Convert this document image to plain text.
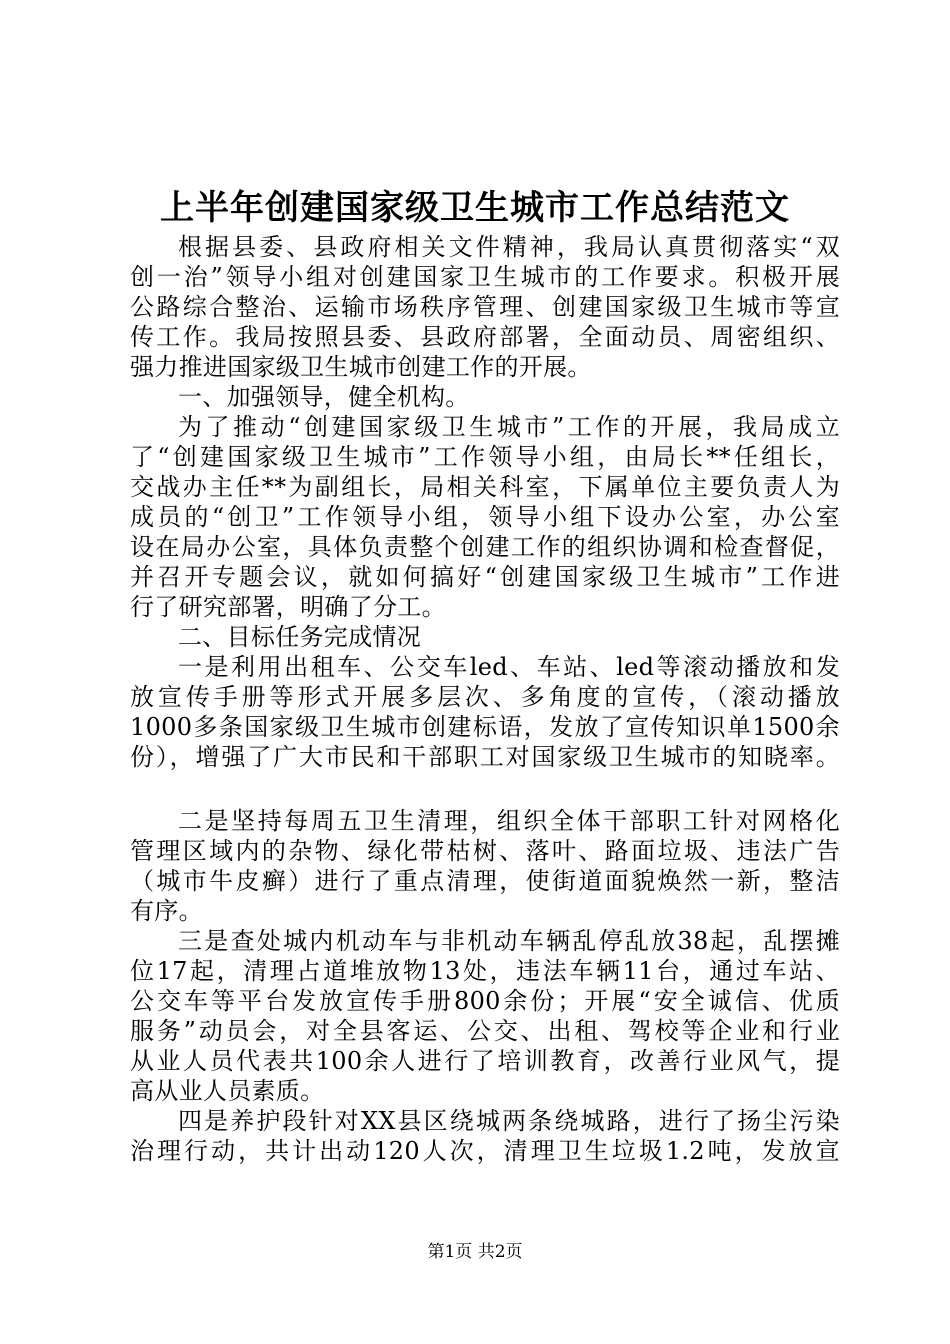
上半年创建国家级卫生城市工作总结范文
根据县委、县政府相关文件精神，我局认真贯彻落实“双
创一治”领导小组对创建国家卫生城市的工作要求。积极开展
公路综合整治、运输市场秩序管理、创建国家级卫生城市等宣
传工作。我局按照县委、县政府部署，全面动员、周密组织、
强力推进国家级卫生城市创建工作的开展。
一、加强领导，健全机构。
为了推动“创建国家级卫生城市”工作的开展，我局成立
了“创建国家级卫生城市”工作领导小组，由局长**任组长，
交战办主任**为副组长，局相关科室，下属单位主要负责人为
成员的“创卫”工作领导小组，领导小组下设办公室，办公室
设在局办公室，具体负责整个创建工作的组织协调和检查督促，
并召开专题会议，就如何搞好“创建国家级卫生城市”工作进
行了研究部署，明确了分工。
二、目标任务完成情况
一是利用出租车、公交车led、车站、led等滚动播放和发
放宣传手册等形式开展多层次、多角度的宣传，（滚动播放
1000多条国家级卫生城市创建标语，发放了宣传知识单1500余
份），增强了广大市民和干部职工对国家级卫生城市的知晓率。
二是坚持每周五卫生清理，组织全体干部职工针对网格化
管理区域内的杂物、绿化带枯树、落叶、路面垃圾、违法广告
（城市牛皮癣）进行了重点清理，使街道面貌焕然一新，整洁
有序。
三是查处城内机动车与非机动车辆乱停乱放38起，乱摆摊
位17起，清理占道堆放物13处，违法车辆11台，通过车站、
公交车等平台发放宣传手册800余份；开展“安全诚信、优质
服务”动员会，对全县客运、公交、出租、驾校等企业和行业
从业人员代表共100余人进行了培训教育，改善行业风气，提
高从业人员素质。
四是养护段针对XX县区绕城两条绕城路，进行了扬尘污染
治理行动，共计出动120人次，清理卫生垃圾1.2吨，发放宣
第1页 共2页
